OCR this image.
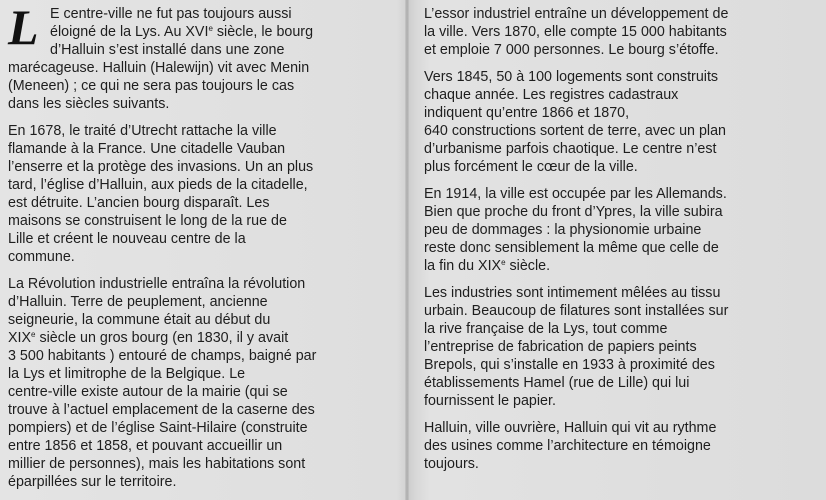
L E centre-ville ne fut pas toujours aussi
éloigné de la Lys. Au XVIe siècle, le bourg
d’Halluin s’est installé dans une zone
marécageuse. Halluin (Halewijn) vit avec Menin
(Meneen) ; ce qui ne sera pas toujours le cas
dans les siècles suivants.
En 1678, le traité d’Utrecht rattache la ville
flamande à la France. Une citadelle Vauban
l’enserre et la protège des invasions. Un an plus
tard, l’église d’Halluin, aux pieds de la citadelle,
est détruite. L’ancien bourg disparaît. Les
maisons se construisent le long de la rue de
Lille et créent le nouveau centre de la
commune.
La Révolution industrielle entraîna la révolution
d’Halluin. Terre de peuplement, ancienne
seigneurie, la commune était au début du
XIXe siècle un gros bourg (en 1830, il y avait
3 500 habitants ) entouré de champs, baigné par
la Lys et limitrophe de la Belgique. Le
centre-ville existe autour de la mairie (qui se
trouve à l’actuel emplacement de la caserne des
pompiers) et de l’église Saint-Hilaire (construite
entre 1856 et 1858, et pouvant accueillir un
millier de personnes), mais les habitations sont
éparpillées sur le territoire.
L’essor industriel entraîne un développement de
la ville. Vers 1870, elle compte 15 000 habitants
et emploie 7 000 personnes. Le bourg s’étoffe.
Vers 1845, 50 à 100 logements sont construits
chaque année. Les registres cadastraux
indiquent qu’entre 1866 et 1870,
640 constructions sortent de terre, avec un plan
d’urbanisme parfois chaotique. Le centre n’est
plus forcément le cœur de la ville.
En 1914, la ville est occupée par les Allemands.
Bien que proche du front d’Ypres, la ville subira
peu de dommages : la physionomie urbaine
reste donc sensiblement la même que celle de
la fin du XIXe siècle.
Les industries sont intimement mêlées au tissu
urbain. Beaucoup de filatures sont installées sur
la rive française de la Lys, tout comme
l’entreprise de fabrication de papiers peints
Brepols, qui s’installe en 1933 à proximité des
établissements Hamel (rue de Lille) qui lui
fournissent le papier.
Halluin, ville ouvrière, Halluin qui vit au rythme
des usines comme l’architecture en témoigne
toujours.
